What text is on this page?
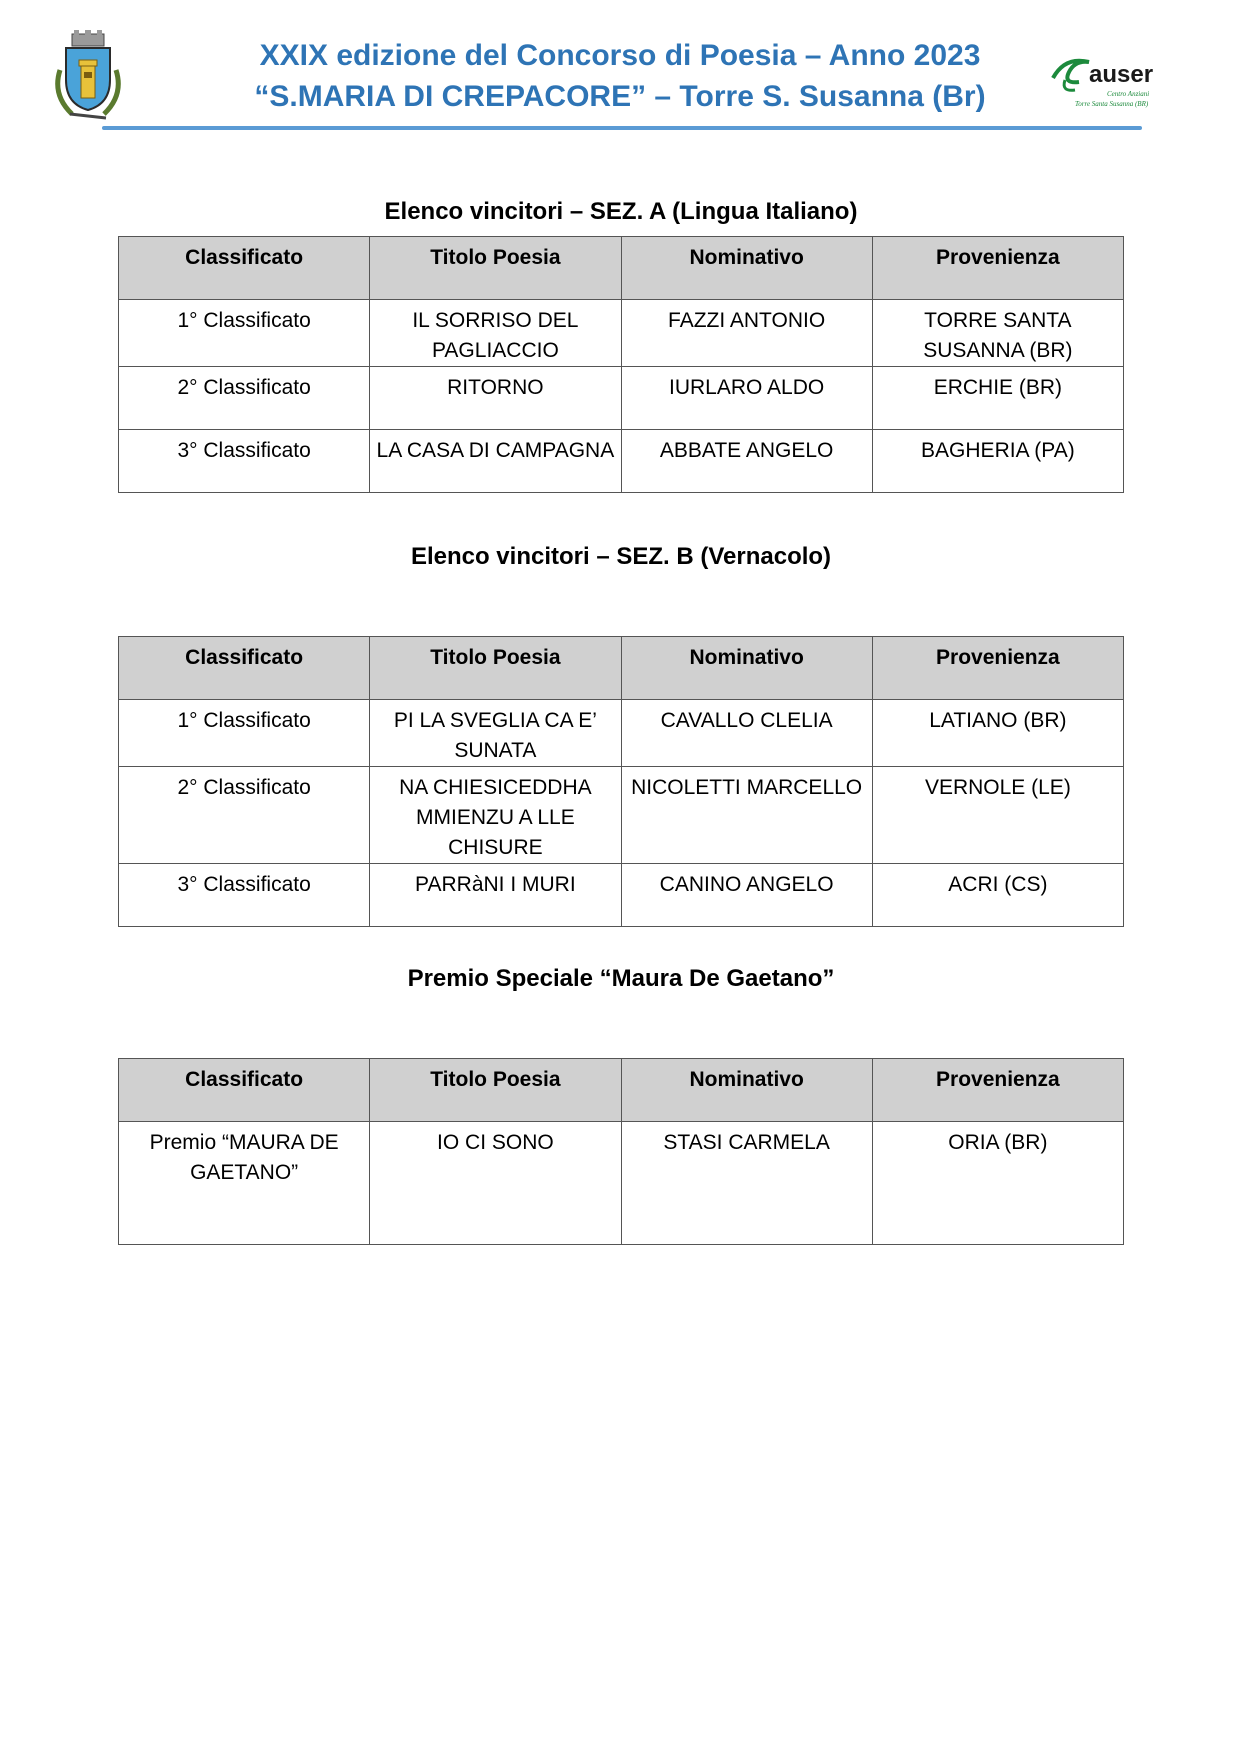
XXIX edizione del Concorso di Poesia – Anno 2023
“S.MARIA DI CREPACORE” – Torre S. Susanna (Br)
auser
Centro Anziani
Torre Santa Susanna (BR)
Elenco vincitori – SEZ. A (Lingua Italiano)
Classificato	Titolo Poesia	Nominativo	Provenienza
1° Classificato	IL SORRISO DEL PAGLIACCIO	FAZZI ANTONIO	TORRE SANTA SUSANNA (BR)
2° Classificato	RITORNO	IURLARO ALDO	ERCHIE (BR)
3° Classificato	LA CASA DI CAMPAGNA	ABBATE ANGELO	BAGHERIA (PA)
Elenco vincitori – SEZ. B (Vernacolo)
Classificato	Titolo Poesia	Nominativo	Provenienza
1° Classificato	PI LA SVEGLIA CA E’ SUNATA	CAVALLO CLELIA	LATIANO (BR)
2° Classificato	NA CHIESICEDDHA MMIENZU A LLE CHISURE	NICOLETTI MARCELLO	VERNOLE (LE)
3° Classificato	PARRàNI I MURI	CANINO ANGELO	ACRI (CS)
Premio Speciale “Maura De Gaetano”
Classificato	Titolo Poesia	Nominativo	Provenienza
Premio “MAURA DE GAETANO”	IO CI SONO	STASI CARMELA	ORIA (BR)
